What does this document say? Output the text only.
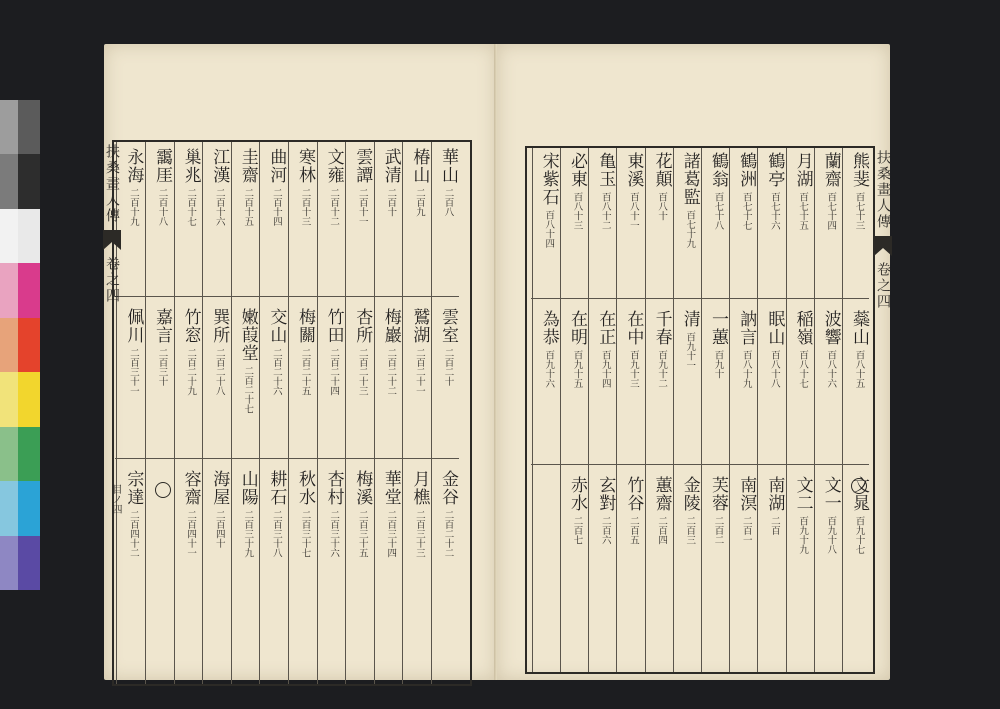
華山
二百八
雲室
二百二十
金谷
二百二十二
椿山
二百九
鷲湖
二百二十一
月樵
二百三十三
武清
二百十
梅巖
二百二十二
華堂
二百三十四
雲譚
二百十一
杏所
二百二十三
梅溪
二百三十五
文雍
二百十二
竹田
二百二十四
杏村
二百三十六
寒林
二百十三
梅關
二百二十五
秋水
二百三十七
曲河
二百十四
交山
二百二十六
耕石
二百三十八
圭齋
二百十五
嫩葭堂
二百二十七
山陽
二百三十九
江漢
二百十六
巽所
二百二十八
海屋
二百四十
巢兆
二百十七
竹窓
二百二十九
容齋
二百四十一
靄厓
二百十八
嘉言
二百三十
永海
二百十九
佩川
二百三十一
宗達
二百四十二
扶桑畫人傳
卷之四
目ノ四
熊斐
百七十三
蘂山
百八十五
文晁
百九十七
蘭齋
百七十四
波響
百八十六
文一
百九十八
月湖
百七十五
稲嶺
百八十七
文二
百九十九
鶴亭
百七十六
眠山
百八十八
南湖
二百
鶴洲
百七十七
訥言
百八十九
南溟
二百一
鶴翁
百七十八
一蕙
百九十
芙蓉
二百二
諸葛監
百七十九
清
百九十一
金陵
二百三
花顛
百八十
千春
百九十二
蕙齋
二百四
東溪
百八十一
在中
百九十三
竹谷
二百五
亀玉
百八十二
在正
百九十四
玄對
二百六
必東
百八十三
在明
百九十五
赤水
二百七
宋紫石
百八十四
為恭
百九十六
扶桑畫人傳
卷之四
